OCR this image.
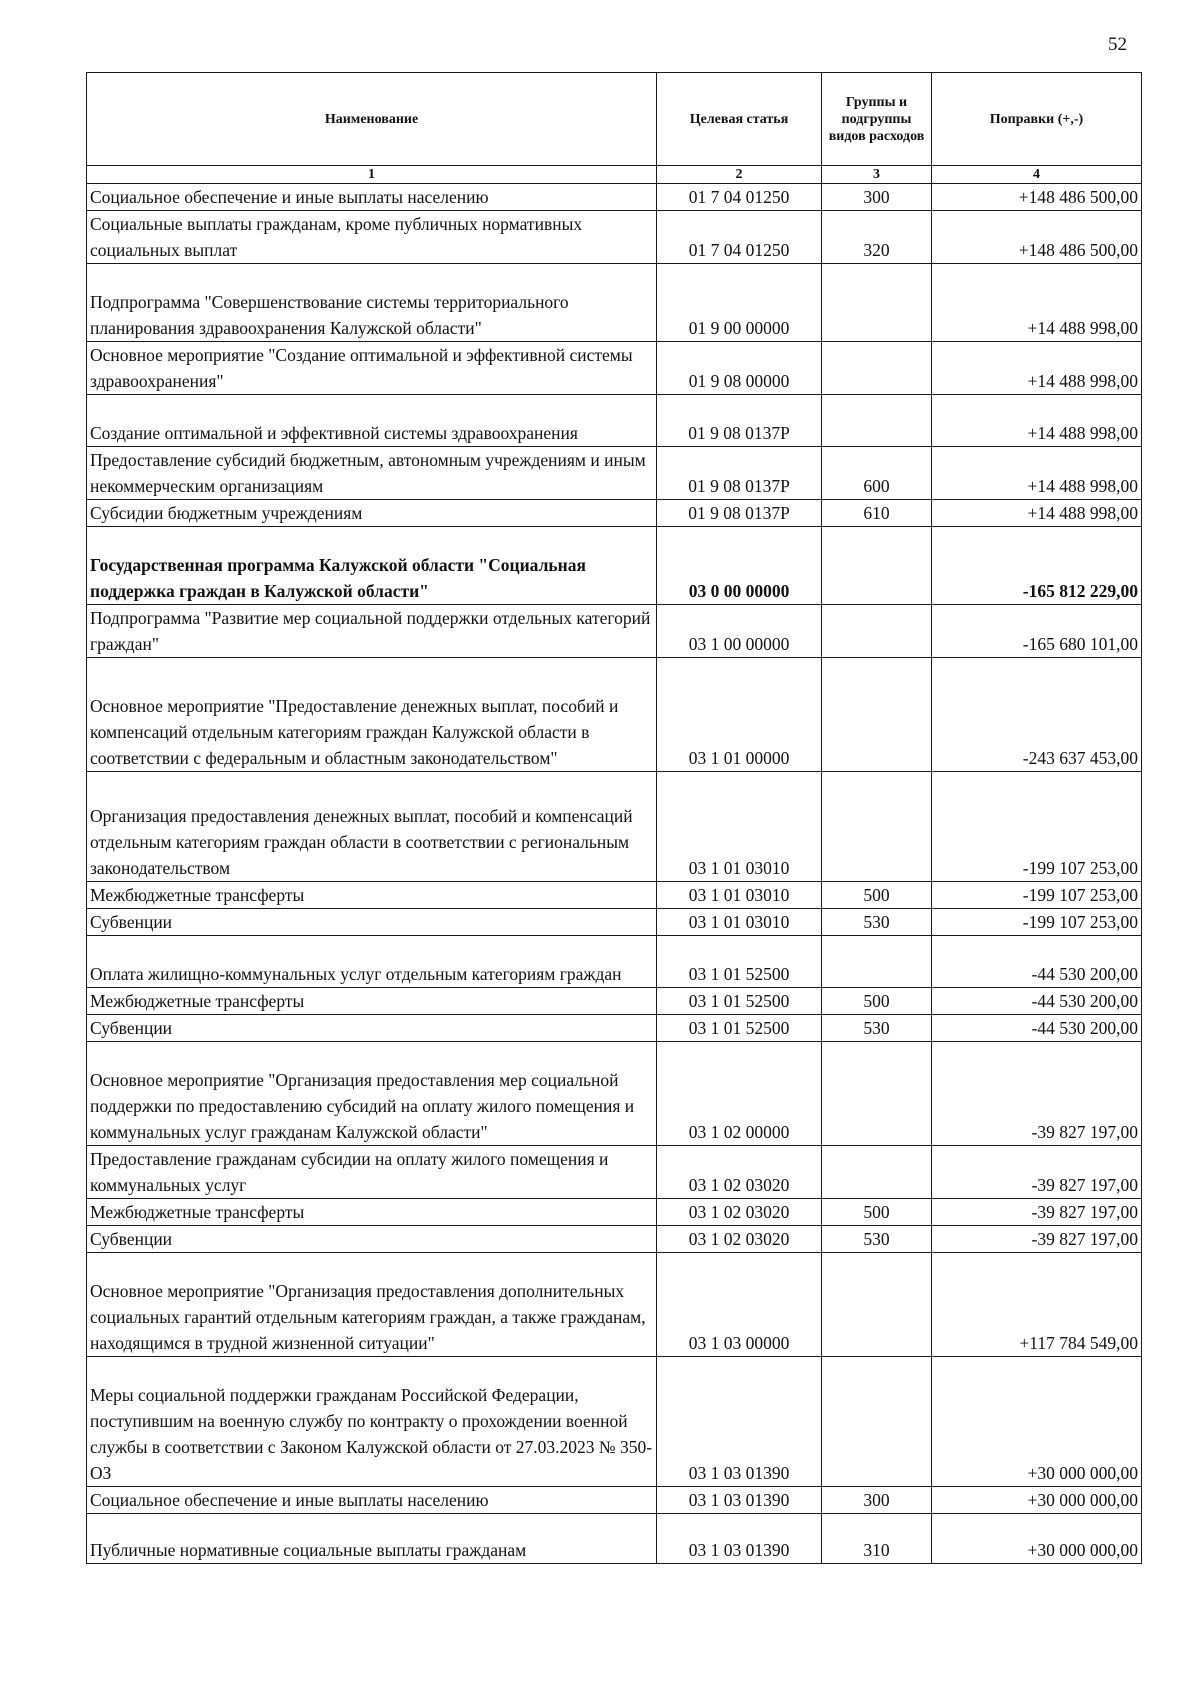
52
Наименование	Целевая статья	Группы и подгруппы видов расходов	Поправки (+,-)
1	2	3	4
Социальное обеспечение и иные выплаты населению	01 7 04 01250	300	+148 486 500,00
Социальные выплаты гражданам, кроме публичных нормативных социальных выплат	01 7 04 01250	320	+148 486 500,00
Подпрограмма "Совершенствование системы территориального планирования здравоохранения Калужской области"	01 9 00 00000		+14 488 998,00
Основное мероприятие "Создание оптимальной и эффективной системы здравоохранения"	01 9 08 00000		+14 488 998,00
Создание оптимальной и эффективной системы здравоохранения	01 9 08 0137Р		+14 488 998,00
Предоставление субсидий бюджетным, автономным учреждениям и иным некоммерческим организациям	01 9 08 0137Р	600	+14 488 998,00
Субсидии бюджетным учреждениям	01 9 08 0137Р	610	+14 488 998,00
Государственная программа Калужской области "Социальная поддержка граждан в Калужской области"	03 0 00 00000		-165 812 229,00
Подпрограмма "Развитие мер социальной поддержки отдельных категорий граждан"	03 1 00 00000		-165 680 101,00
Основное мероприятие "Предоставление денежных выплат, пособий и компенсаций отдельным категориям граждан Калужской области в соответствии с федеральным и областным законодательством"	03 1 01 00000		-243 637 453,00
Организация предоставления денежных выплат, пособий и компенсаций отдельным категориям граждан области в соответствии с региональным законодательством	03 1 01 03010		-199 107 253,00
Межбюджетные трансферты	03 1 01 03010	500	-199 107 253,00
Субвенции	03 1 01 03010	530	-199 107 253,00
Оплата жилищно-коммунальных услуг отдельным категориям граждан	03 1 01 52500		-44 530 200,00
Межбюджетные трансферты	03 1 01 52500	500	-44 530 200,00
Субвенции	03 1 01 52500	530	-44 530 200,00
Основное мероприятие "Организация предоставления мер социальной поддержки по предоставлению субсидий на оплату жилого помещения и коммунальных услуг гражданам Калужской области"	03 1 02 00000		-39 827 197,00
Предоставление гражданам субсидии на оплату жилого помещения и коммунальных услуг	03 1 02 03020		-39 827 197,00
Межбюджетные трансферты	03 1 02 03020	500	-39 827 197,00
Субвенции	03 1 02 03020	530	-39 827 197,00
Основное мероприятие "Организация предоставления дополнительных социальных гарантий отдельным категориям граждан, а также гражданам, находящимся в трудной жизненной ситуации"	03 1 03 00000		+117 784 549,00
Меры социальной поддержки гражданам Российской Федерации, поступившим на военную службу по контракту о прохождении военной службы в соответствии с Законом Калужской области от 27.03.2023 № 350-ОЗ	03 1 03 01390		+30 000 000,00
Социальное обеспечение и иные выплаты населению	03 1 03 01390	300	+30 000 000,00
Публичные нормативные социальные выплаты гражданам	03 1 03 01390	310	+30 000 000,00
